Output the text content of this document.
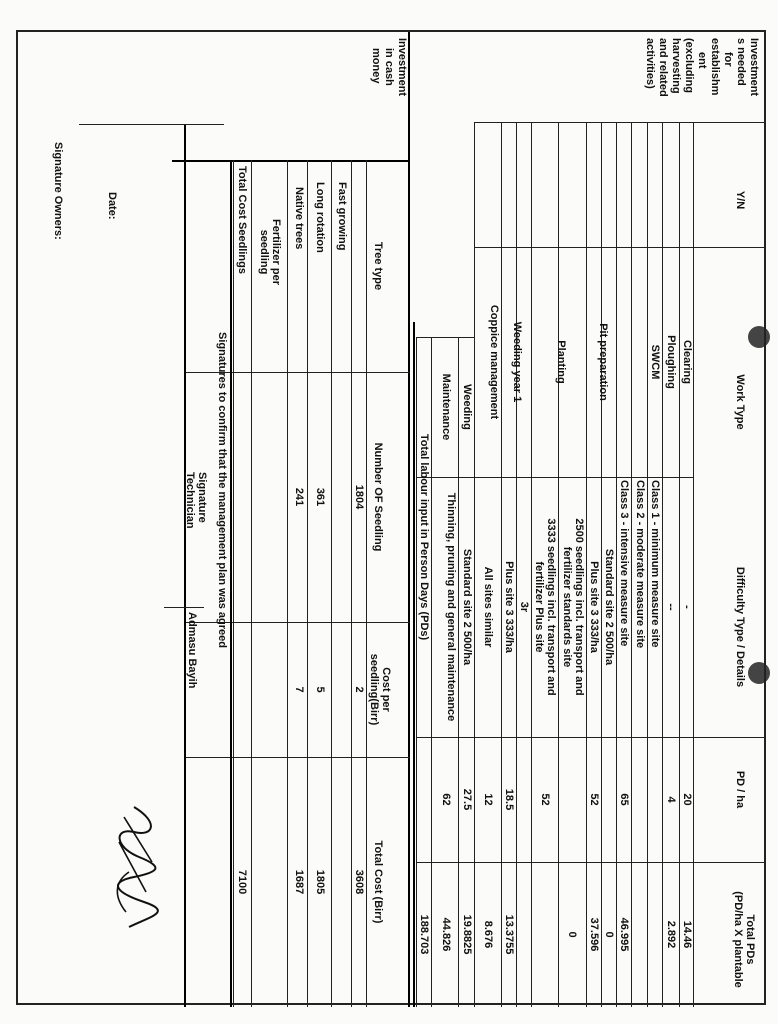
Investment
s needed
for
establishm
ent
(excluding
harvesting
and related
activities)
Y/N
Work Type
Difficulty Type / Details
PD / ha
Total PDs
(PD/ha X plantable
Clearing
-
20
14.46
Ploughing
--
4
2.892
SWCM
Class 1 - minimum measure site
Class 2 - moderate measure site
Class 3 - intensive measure site
65
46.995
Pit preparation
Standard site 2 500/ha
0
Plus site 3 333/ha
52
37.596
Planting
2500 seedlings incl. transport and fertilizer standards site
0
3333 seedlings incl. transport and fertilizer Plus site
52
Weeding year 1
3r
Plus site 3 333/ha
18.5
13.3755
Coppice management
All sites similar
12
8.676
Weeding
Standard site 2 500/ha
27.5
19.8825
Maintenance
Thinning, pruning and general maintenance
62
44.826
Total labour input in Person Days (PDs)
188.703
Investment
in cash
money
Tree type
Number OF Seedling
Cost per
seedling(Birr)
Total Cost (Birr)
1804
2
3608
Fast growing
Long rotation
361
5
1805
Native trees
241
7
1687
Fertilizer per seedling
Total Cost Seedlings
7100
Signatures to confirm that the management plan was agreed
Signature
Technician
Admasu Bayih
Date:
Signature Owners:
